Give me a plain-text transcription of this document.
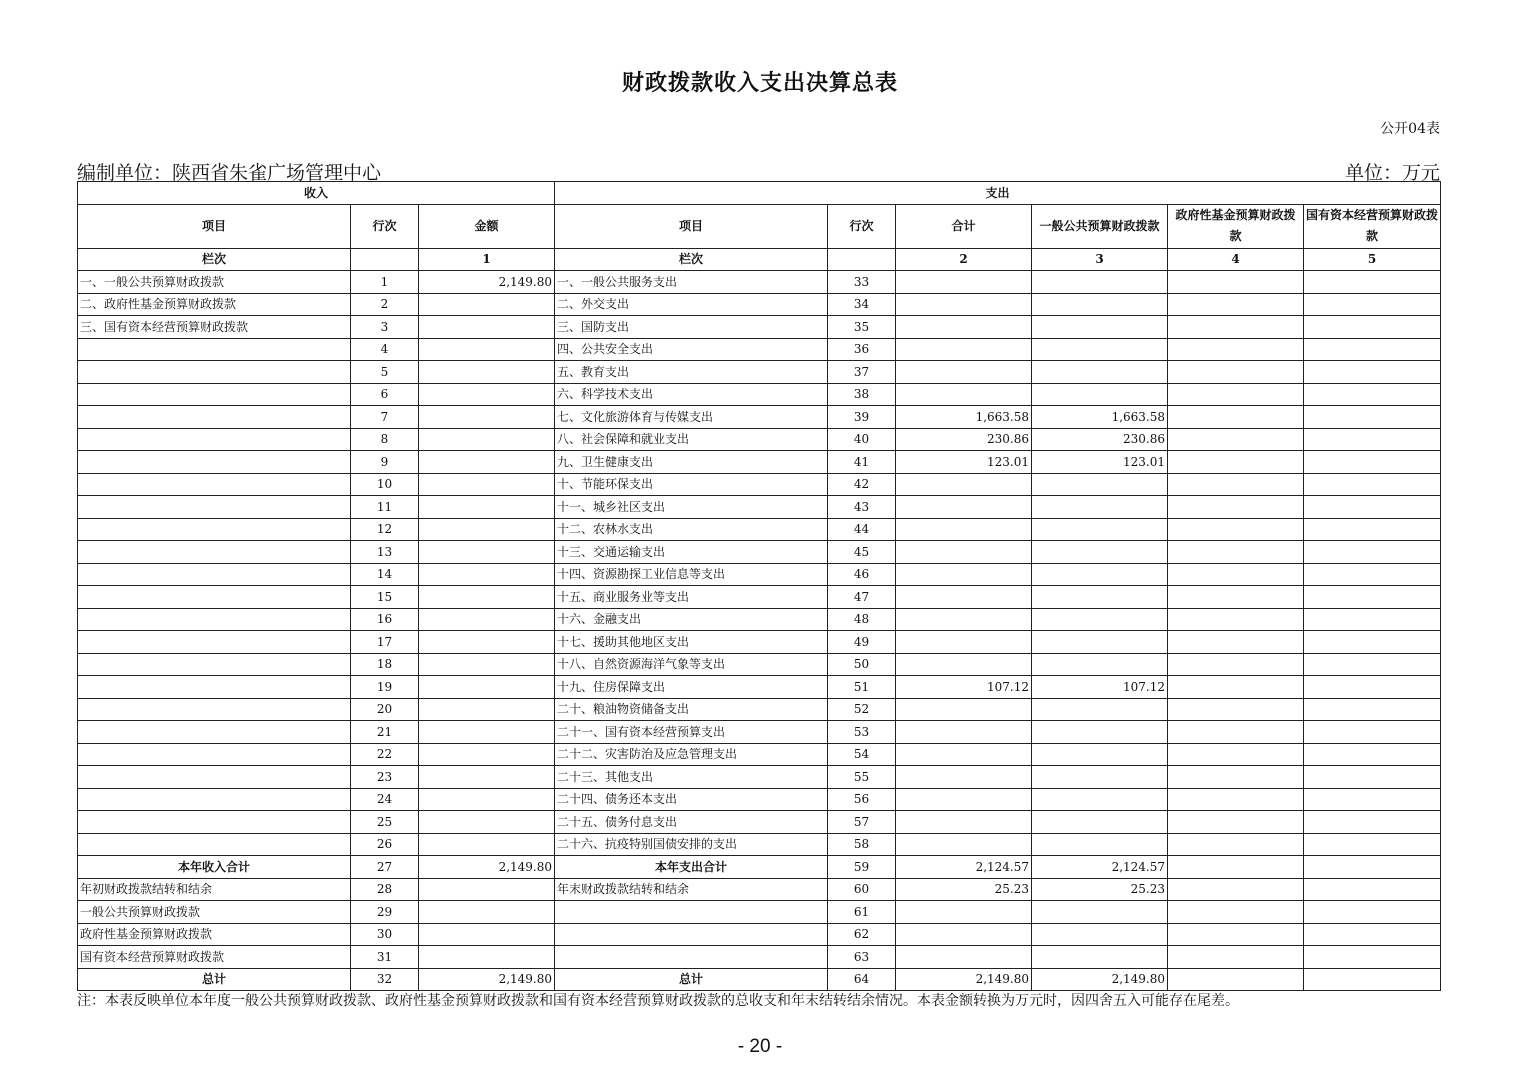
财政拨款收入支出决算总表
公开04表
编制单位：陕西省朱雀广场管理中心	单位：万元
收入			支出					
项目	行次	金额	项目	行次	合计	一般公共预算财政拨款	政府性基金预算财政拨款	国有资本经营预算财政拨款
栏次		1	栏次		2	3	4	5
一、一般公共预算财政拨款	1	2,149.80	一、一般公共服务支出	33				
二、政府性基金预算财政拨款	2		二、外交支出	34				
三、国有资本经营预算财政拨款	3		三、国防支出	35				
	4		四、公共安全支出	36				
	5		五、教育支出	37				
	6		六、科学技术支出	38				
	7		七、文化旅游体育与传媒支出	39	1,663.58	1,663.58		
	8		八、社会保障和就业支出	40	230.86	230.86		
	9		九、卫生健康支出	41	123.01	123.01		
	10		十、节能环保支出	42				
	11		十一、城乡社区支出	43				
	12		十二、农林水支出	44				
	13		十三、交通运输支出	45				
	14		十四、资源勘探工业信息等支出	46				
	15		十五、商业服务业等支出	47				
	16		十六、金融支出	48				
	17		十七、援助其他地区支出	49				
	18		十八、自然资源海洋气象等支出	50				
	19		十九、住房保障支出	51	107.12	107.12		
	20		二十、粮油物资储备支出	52				
	21		二十一、国有资本经营预算支出	53				
	22		二十二、灾害防治及应急管理支出	54				
	23		二十三、其他支出	55				
	24		二十四、债务还本支出	56				
	25		二十五、债务付息支出	57				
	26		二十六、抗疫特别国债安排的支出	58				
本年收入合计	27	2,149.80	本年支出合计	59	2,124.57	2,124.57		
年初财政拨款结转和结余	28		年末财政拨款结转和结余	60	25.23	25.23		
一般公共预算财政拨款	29			61				
政府性基金预算财政拨款	30			62				
国有资本经营预算财政拨款	31			63				
总计	32	2,149.80	总计	64	2,149.80	2,149.80		
注：本表反映单位本年度一般公共预算财政拨款、政府性基金预算财政拨款和国有资本经营预算财政拨款的总收支和年末结转结余情况。本表金额转换为万元时，因四舍五入可能存在尾差。
- 20 -
